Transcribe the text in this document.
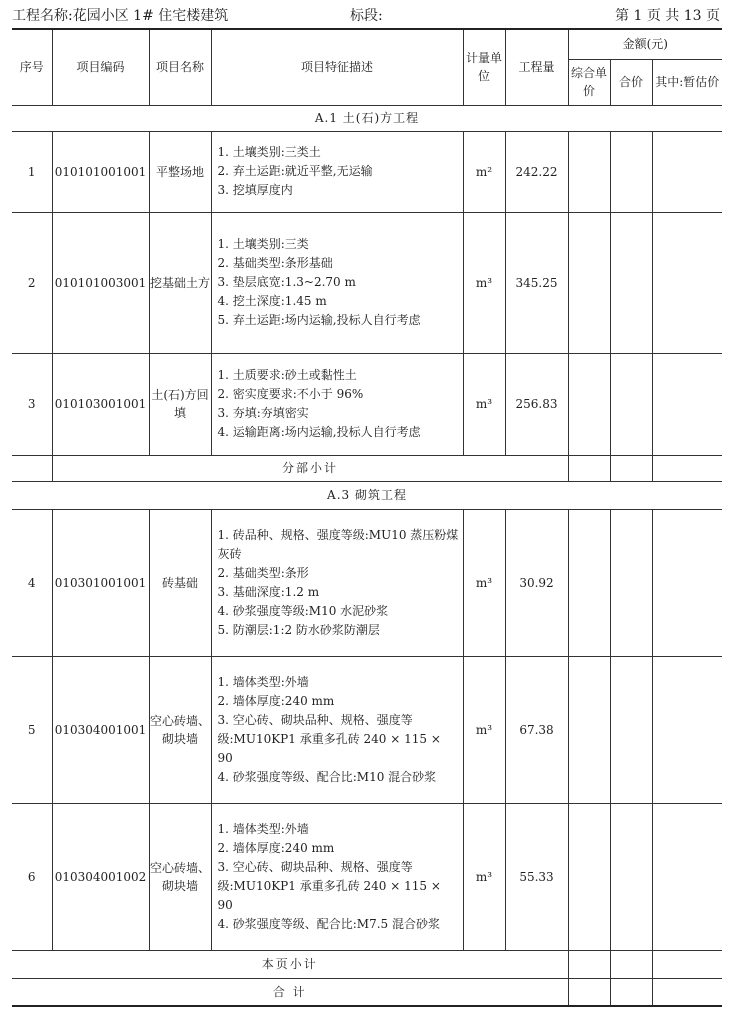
工程名称:花园小区 1# 住宅楼建筑	标段:	第 1 页 共 13 页
序号	项目编码	项目名称	项目特征描述	计量单位	工程量	金额(元)		
						综合单价	合价	其中:暂估价
A.1 土(石)方工程								
1	010101001001	平整场地	1. 土壤类别:三类土
2. 弃土运距:就近平整,无运输
3. 挖填厚度内	m²	242.22			
2	010101003001	挖基础土方	1. 土壤类别:三类
2. 基础类型:条形基础
3. 垫层底宽:1.3~2.70 m
4. 挖土深度:1.45 m
5. 弃土运距:场内运输,投标人自行考虑	m³	345.25			
3	010103001001	土(石)方回填	1. 土质要求:砂土或黏性土
2. 密实度要求:不小于 96%
3. 夯填:夯填密实
4. 运输距离:场内运输,投标人自行考虑	m³	256.83			
	分部小计							
A.3 砌筑工程								
4	010301001001	砖基础	1. 砖品种、规格、强度等级:MU10 蒸压粉煤灰砖
2. 基础类型:条形
3. 基础深度:1.2 m
4. 砂浆强度等级:M10 水泥砂浆
5. 防潮层:1:2 防水砂浆防潮层	m³	30.92			
5	010304001001	空心砖墙、砌块墙	1. 墙体类型:外墙
2. 墙体厚度:240 mm
3. 空心砖、砌块品种、规格、强度等级:MU10KP1 承重多孔砖 240 × 115 × 90
4. 砂浆强度等级、配合比:M10 混合砂浆	m³	67.38			
6	010304001002	空心砖墙、砌块墙	1. 墙体类型:外墙
2. 墙体厚度:240 mm
3. 空心砖、砌块品种、规格、强度等级:MU10KP1 承重多孔砖 240 × 115 × 90
4. 砂浆强度等级、配合比:M7.5 混合砂浆	m³	55.33			
本页小计								
合 计								
